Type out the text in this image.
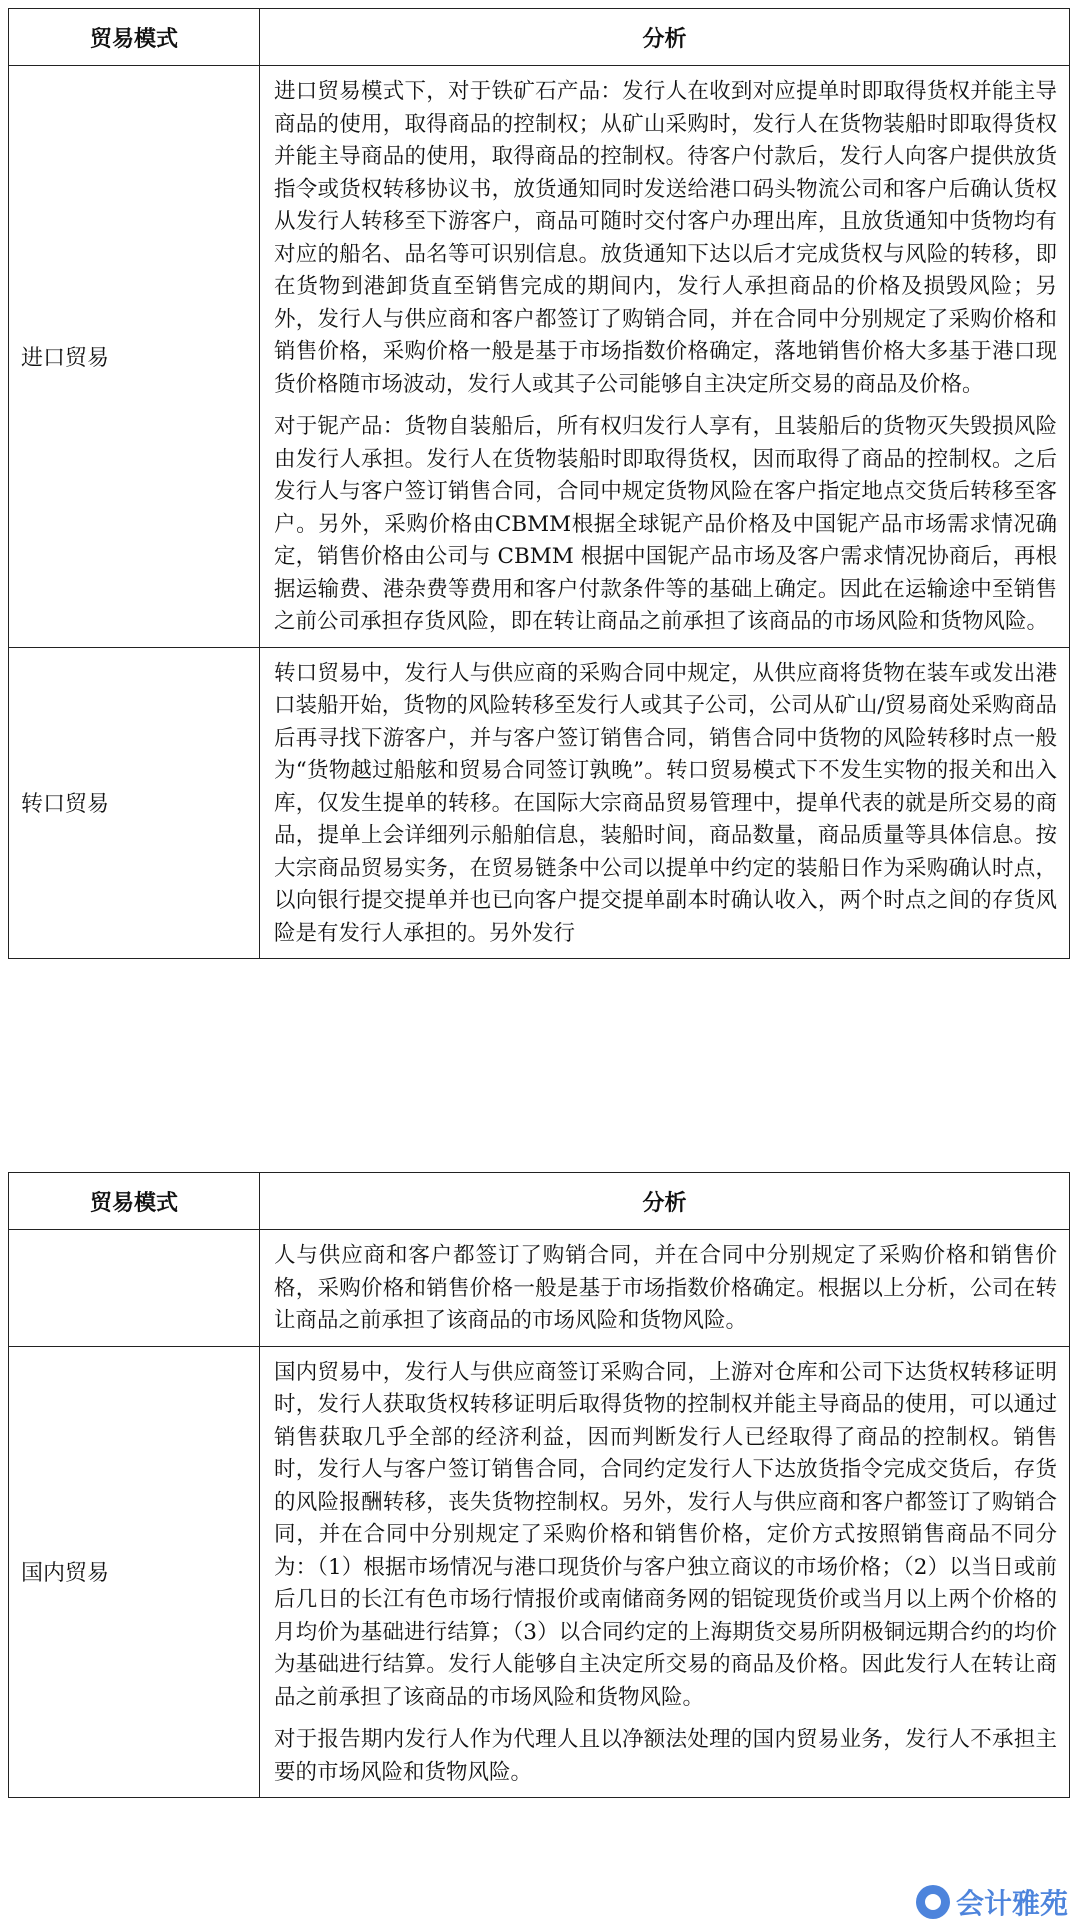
贸易模式	分析
进口贸易	进口贸易模式下，对于铁矿石产品：发行人在收到对应提单时即取得货权并能主导商品的使用，取得商品的控制权；从矿山采购时，发行人在货物装船时即取得货权并能主导商品的使用，取得商品的控制权。待客户付款后，发行人向客户提供放货指令或货权转移协议书，放货通知同时发送给港口码头物流公司和客户后确认货权从发行人转移至下游客户，商品可随时交付客户办理出库，且放货通知中货物均有对应的船名、品名等可识别信息。放货通知下达以后才完成货权与风险的转移，即在货物到港卸货直至销售完成的期间内，发行人承担商品的价格及损毁风险；另外，发行人与供应商和客户都签订了购销合同，并在合同中分别规定了采购价格和销售价格，采购价格一般是基于市场指数价格确定，落地销售价格大多基于港口现货价格随市场波动，发行人或其子公司能够自主决定所交易的商品及价格。

对于铌产品：货物自装船后，所有权归发行人享有，且装船后的货物灭失毁损风险由发行人承担。发行人在货物装船时即取得货权，因而取得了商品的控制权。之后发行人与客户签订销售合同，合同中规定货物风险在客户指定地点交货后转移至客户。另外，采购价格由CBMM根据全球铌产品价格及中国铌产品市场需求情况确定，销售价格由公司与 CBMM 根据中国铌产品市场及客户需求情况协商后，再根据运输费、港杂费等费用和客户付款条件等的基础上确定。因此在运输途中至销售之前公司承担存货风险，即在转让商品之前承担了该商品的市场风险和货物风险。

转口贸易	转口贸易中，发行人与供应商的采购合同中规定，从供应商将货物在装车或发出港口装船开始，货物的风险转移至发行人或其子公司，公司从矿山/贸易商处采购商品后再寻找下游客户，并与客户签订销售合同，销售合同中货物的风险转移时点一般为“货物越过船舷和贸易合同签订孰晚”。转口贸易模式下不发生实物的报关和出入库，仅发生提单的转移。在国际大宗商品贸易管理中，提单代表的就是所交易的商品，提单上会详细列示船舶信息，装船时间，商品数量，商品质量等具体信息。按大宗商品贸易实务，在贸易链条中公司以提单中约定的装船日作为采购确认时点，以向银行提交提单并也已向客户提交提单副本时确认收入，两个时点之间的存货风险是有发行人承担的。另外发行

贸易模式	分析

	人与供应商和客户都签订了购销合同，并在合同中分别规定了采购价格和销售价格，采购价格和销售价格一般是基于市场指数价格确定。根据以上分析，公司在转让商品之前承担了该商品的市场风险和货物风险。

国内贸易	国内贸易中，发行人与供应商签订采购合同，上游对仓库和公司下达货权转移证明时，发行人获取货权转移证明后取得货物的控制权并能主导商品的使用，可以通过销售获取几乎全部的经济利益，因而判断发行人已经取得了商品的控制权。销售时，发行人与客户签订销售合同，合同约定发行人下达放货指令完成交货后，存货的风险报酬转移，丧失货物控制权。另外，发行人与供应商和客户都签订了购销合同，并在合同中分别规定了采购价格和销售价格，定价方式按照销售商品不同分为：（1）根据市场情况与港口现货价与客户独立商议的市场价格；（2）以当日或前后几日的长江有色市场行情报价或南储商务网的铝锭现货价或当月以上两个价格的月均价为基础进行结算；（3）以合同约定的上海期货交易所阴极铜远期合约的均价为基础进行结算。发行人能够自主决定所交易的商品及价格。因此发行人在转让商品之前承担了该商品的市场风险和货物风险。

对于报告期内发行人作为代理人且以净额法处理的国内贸易业务，发行人不承担主要的市场风险和货物风险。

会计雅苑
